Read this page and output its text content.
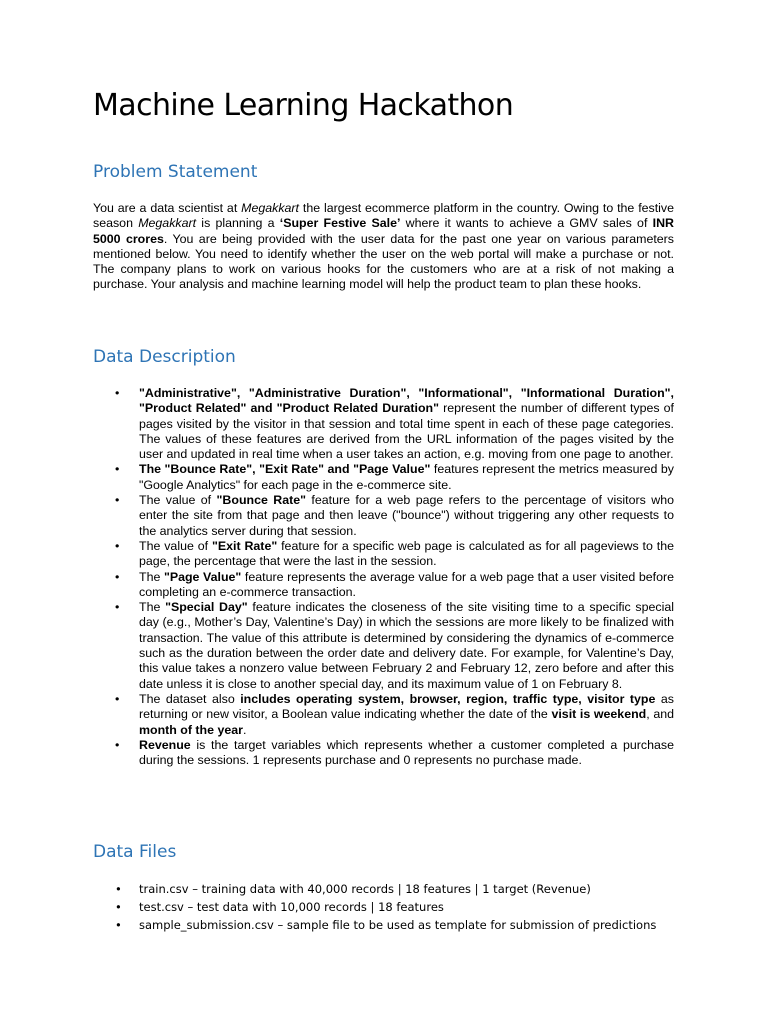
Machine Learning Hackathon
Problem Statement

You are a data scientist at Megakkart the largest ecommerce platform in the country. Owing to the festive season Megakkart is planning a ‘Super Festive Sale’ where it wants to achieve a GMV sales of INR 5000 crores. You are being provided with the user data for the past one year on various parameters mentioned below. You need to identify whether the user on the web portal will make a purchase or not. The company plans to work on various hooks for the customers who are at a risk of not making a purchase. Your analysis and machine learning model will help the product team to plan these hooks.

Data Description
• "Administrative", "Administrative Duration", "Informational", "Informational Duration", "Product Related" and "Product Related Duration" represent the number of different types of pages visited by the visitor in that session and total time spent in each of these page categories. The values of these features are derived from the URL information of the pages visited by the user and updated in real time when a user takes an action, e.g. moving from one page to another.
• The "Bounce Rate", "Exit Rate" and "Page Value" features represent the metrics measured by "Google Analytics" for each page in the e-commerce site.
• The value of "Bounce Rate" feature for a web page refers to the percentage of visitors who enter the site from that page and then leave ("bounce") without triggering any other requests to the analytics server during that session.
• The value of "Exit Rate" feature for a specific web page is calculated as for all pageviews to the page, the percentage that were the last in the session.
• The "Page Value" feature represents the average value for a web page that a user visited before completing an e-commerce transaction.
• The "Special Day" feature indicates the closeness of the site visiting time to a specific special day (e.g., Mother’s Day, Valentine’s Day) in which the sessions are more likely to be finalized with transaction. The value of this attribute is determined by considering the dynamics of e-commerce such as the duration between the order date and delivery date. For example, for Valentine’s Day, this value takes a nonzero value between February 2 and February 12, zero before and after this date unless it is close to another special day, and its maximum value of 1 on February 8.
• The dataset also includes operating system, browser, region, traffic type, visitor type as returning or new visitor, a Boolean value indicating whether the date of the visit is weekend, and month of the year.
• Revenue is the target variables which represents whether a customer completed a purchase during the sessions. 1 represents purchase and 0 represents no purchase made.
Data Files
• train.csv – training data with 40,000 records | 18 features | 1 target (Revenue)
• test.csv – test data with 10,000 records | 18 features
• sample_submission.csv – sample file to be used as template for submission of predictions
